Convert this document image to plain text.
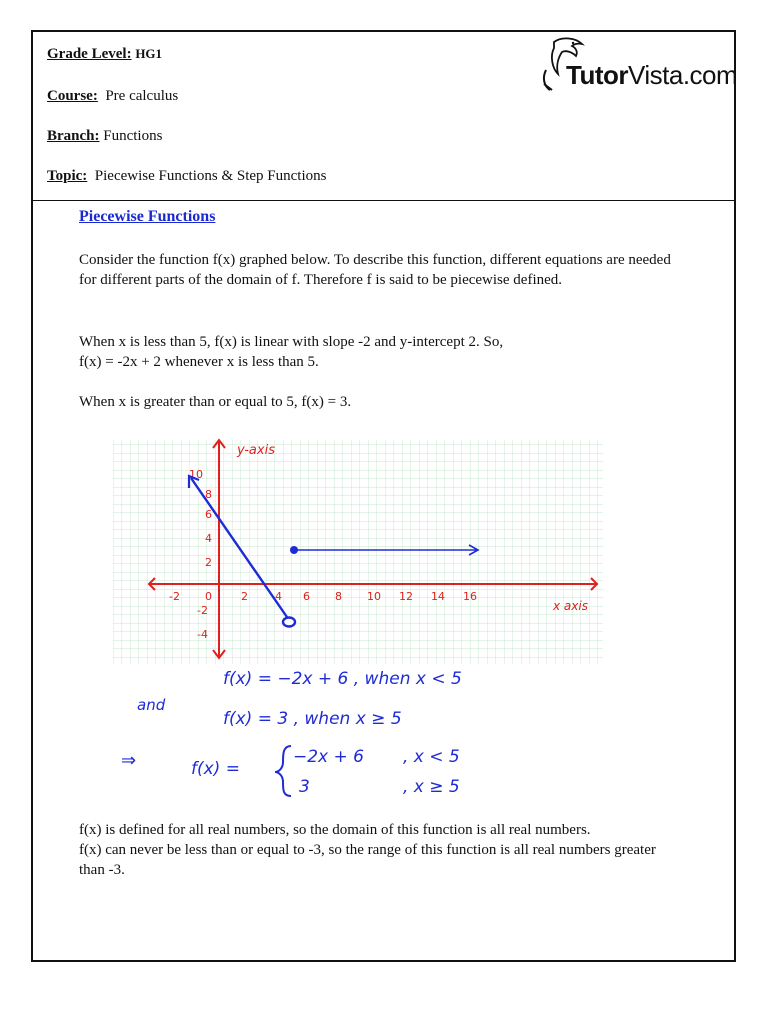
Grade Level: HG1
Course: Pre calculus
Branch: Functions
Topic: Piecewise Functions & Step Functions
TutorVista.com
Piecewise Functions
Consider the function f(x) graphed below. To describe this function, different equations are needed for different parts of the domain of f. Therefore f is said to be piecewise defined.
When x is less than 5, f(x) is linear with slope -2 and y-intercept 2. So,
f(x) = -2x + 2 whenever x is less than 5.
When x is greater than or equal to 5, f(x) = 3.
y-axis
x axis
10
8
6
4
2
-2
-4
-2 0	2 4 6 8 10 12 14 16
f(x) = −2x + 6 , when x < 5
and
f(x) = 3 , when x ≥ 5
⇒	f(x) =
−2x + 6 , x < 5
3	, x ≥ 5
f(x) is defined for all real numbers, so the domain of this function is all real numbers.
f(x) can never be less than or equal to -3, so the range of this function is all real numbers greater than -3.
